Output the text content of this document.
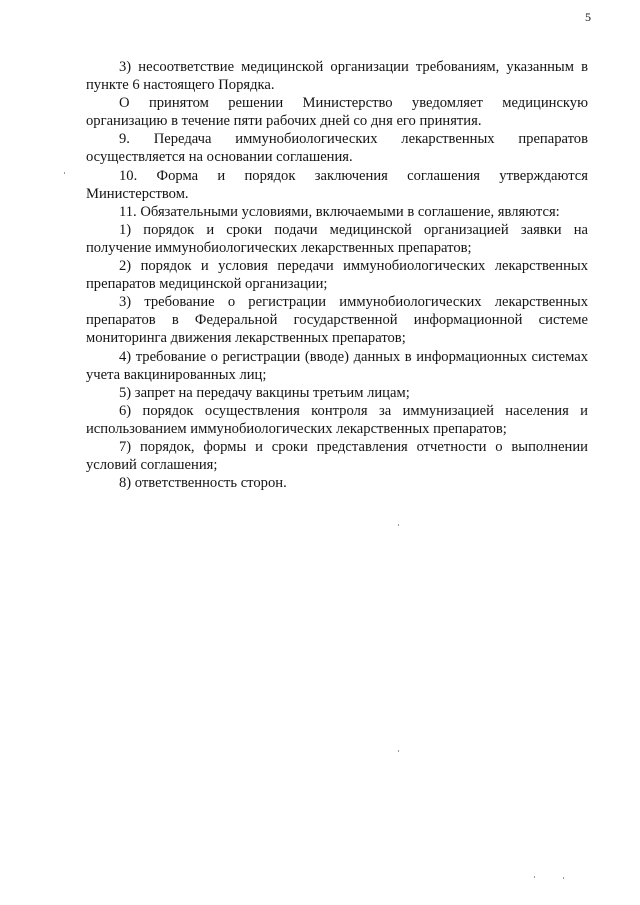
5

3) несоответствие медицинской организации требованиям, указанным в пункте 6 настоящего Порядка.

О принятом решении Министерство уведомляет медицинскую организацию в течение пяти рабочих дней со дня его принятия.

9. Передача иммунобиологических лекарственных препаратов осуществляется на основании соглашения.

10. Форма и порядок заключения соглашения утверждаются Министерством.

11. Обязательными условиями, включаемыми в соглашение, являются:

1) порядок и сроки подачи медицинской организацией заявки на получение иммунобиологических лекарственных препаратов;

2) порядок и условия передачи иммунобиологических лекарственных препаратов медицинской организации;

3) требование о регистрации иммунобиологических лекарственных препаратов в Федеральной государственной информационной системе мониторинга движения лекарственных препаратов;

4) требование о регистрации (вводе) данных в информационных системах учета вакцинированных лиц;

5) запрет на передачу вакцины третьим лицам;

6) порядок осуществления контроля за иммунизацией населения и использованием иммунобиологических лекарственных препаратов;

7) порядок, формы и сроки представления отчетности о выполнении условий соглашения;

8) ответственность сторон.
